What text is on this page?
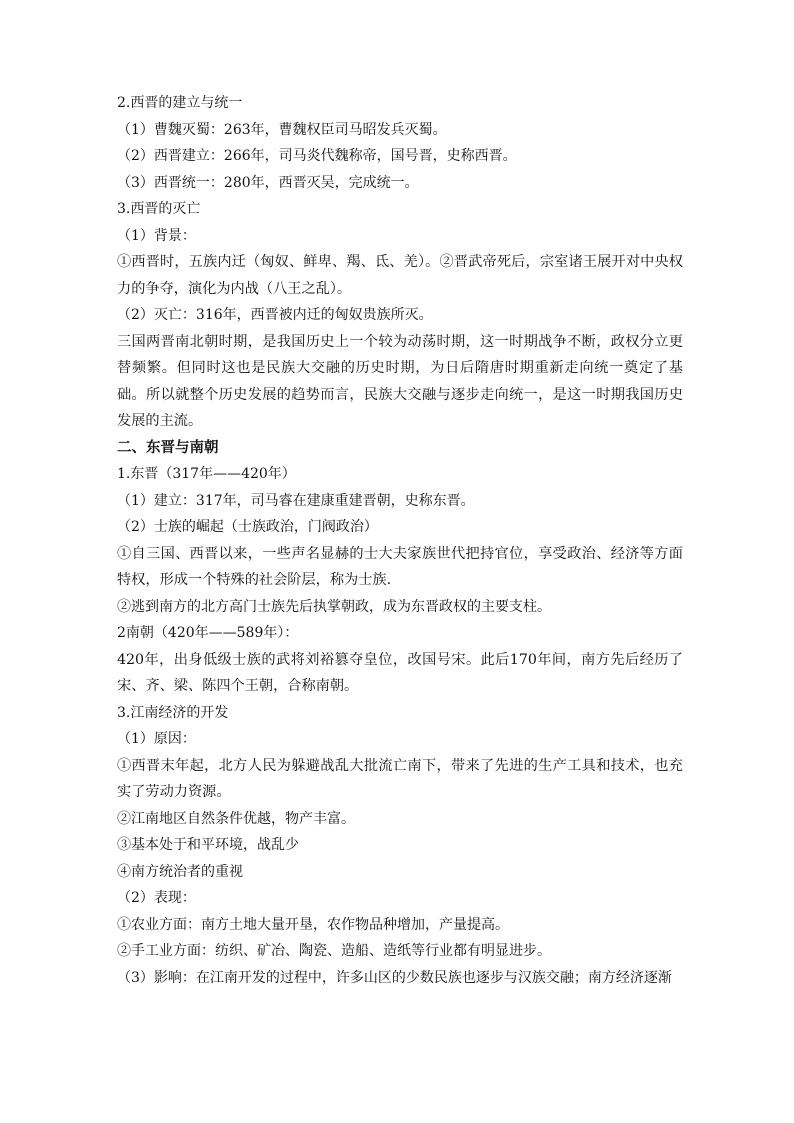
2.西晋的建立与统一
（1）曹魏灭蜀：263年，曹魏权臣司马昭发兵灭蜀。
（2）西晋建立：266年，司马炎代魏称帝，国号晋，史称西晋。
（3）西晋统一：280年，西晋灭吴，完成统一。
3.西晋的灭亡
（1）背景：
①西晋时，五族内迁（匈奴、鲜卑、羯、氐、羌）。②晋武帝死后，宗室诸王展开对中央权力的争夺，演化为内战（八王之乱）。
（2）灭亡：316年，西晋被内迁的匈奴贵族所灭。
三国两晋南北朝时期，是我国历史上一个较为动荡时期，这一时期战争不断，政权分立更替频繁。但同时这也是民族大交融的历史时期，为日后隋唐时期重新走向统一奠定了基础。所以就整个历史发展的趋势而言，民族大交融与逐步走向统一，是这一时期我国历史发展的主流。
二、东晋与南朝
1.东晋（317年——420年）
（1）建立：317年，司马睿在建康重建晋朝，史称东晋。
（2）士族的崛起（士族政治，门阀政治）
①自三国、西晋以来，一些声名显赫的士大夫家族世代把持官位，享受政治、经济等方面特权，形成一个特殊的社会阶层，称为士族.
②逃到南方的北方高门士族先后执掌朝政，成为东晋政权的主要支柱。
2南朝（420年——589年）：
420年，出身低级士族的武将刘裕篡夺皇位，改国号宋。此后170年间，南方先后经历了宋、齐、梁、陈四个王朝，合称南朝。
3.江南经济的开发
（1）原因：
①西晋末年起，北方人民为躲避战乱大批流亡南下，带来了先进的生产工具和技术，也充实了劳动力资源。
②江南地区自然条件优越，物产丰富。
③基本处于和平环境，战乱少
④南方统治者的重视
（2）表现：
①农业方面：南方土地大量开垦，农作物品种增加，产量提高。
②手工业方面：纺织、矿冶、陶瓷、造船、造纸等行业都有明显进步。
（3）影响：在江南开发的过程中，许多山区的少数民族也逐步与汉族交融；南方经济逐渐
